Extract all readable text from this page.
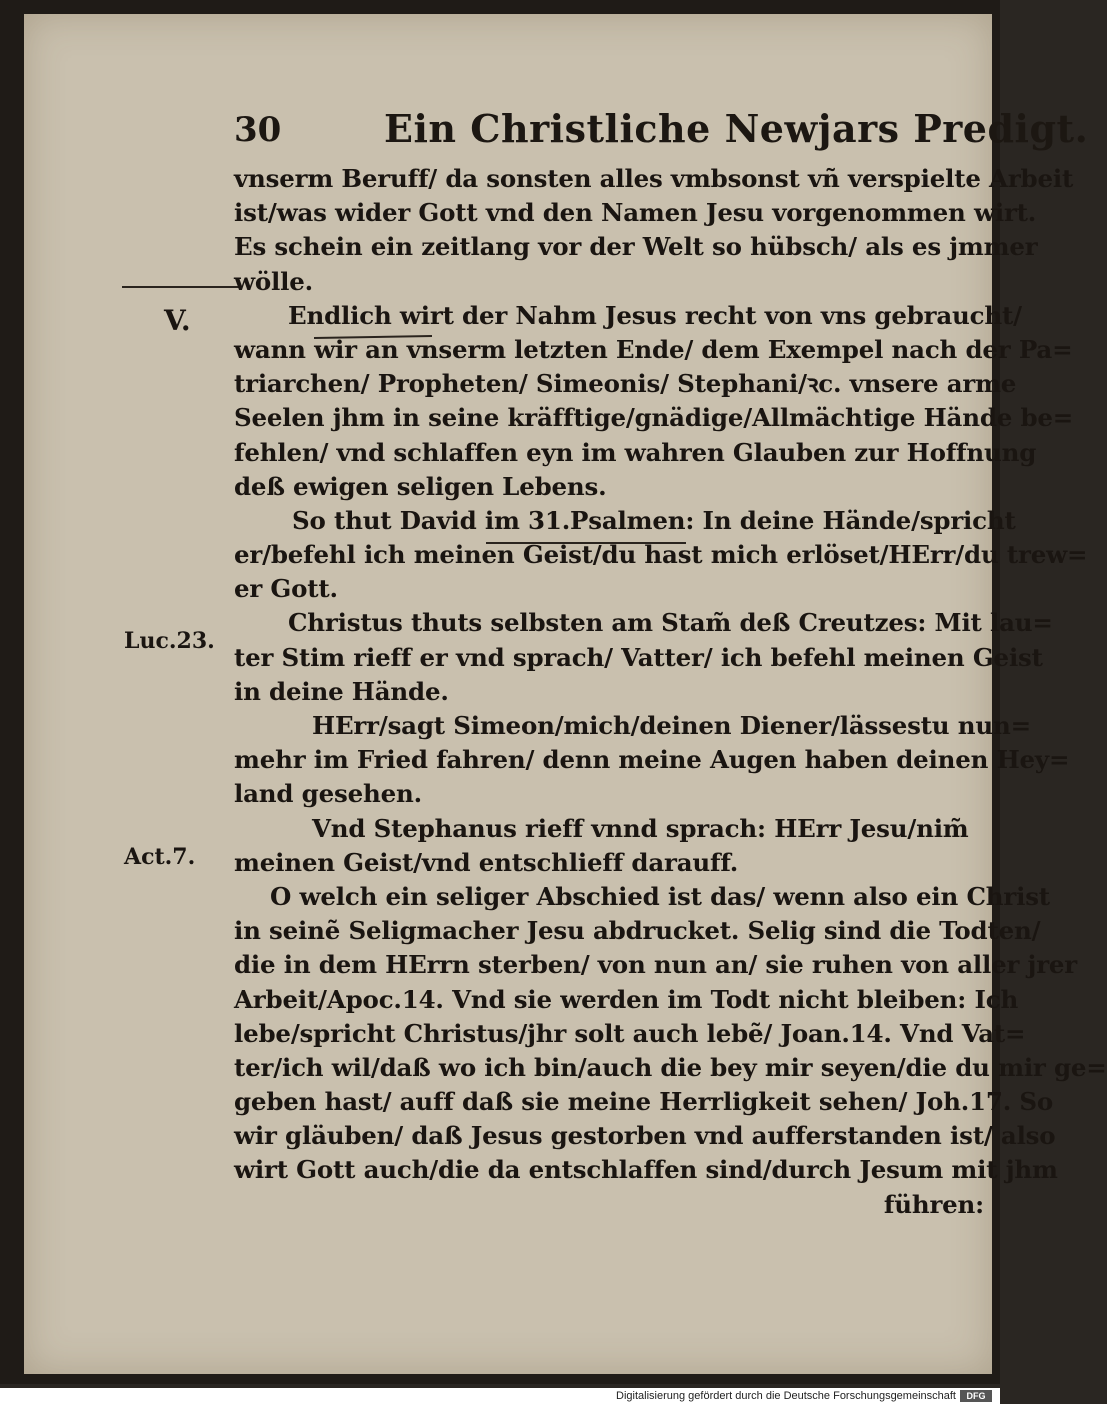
30	Ein Christliche Newjars Predigt.
V.
Luc.23.
Act.7.
vnserm Beruff/ da sonsten alles vmbsonst vñ verspielte Arbeit
ist/was wider Gott vnd den Namen Jesu vorgenommen wirt.
Es schein ein zeitlang vor der Welt so hübsch/ als es jmmer
wölle.
Endlich wirt der Nahm Jesus recht von vns gebraucht/
wann wir an vnserm letzten Ende/ dem Exempel nach der Pa=
triarchen/ Propheten/ Simeonis/ Stephani/ꝛc. vnsere arme
Seelen jhm in seine kräfftige/gnädige/Allmächtige Hände be=
fehlen/ vnd schlaffen eyn im wahren Glauben zur Hoffnung
deß ewigen seligen Lebens.
So thut David im 31.Psalmen: In deine Hände/spricht
er/befehl ich meinen Geist/du hast mich erlöset/HErr/du trew=
er Gott.
Christus thuts selbsten am Stam̃ deß Creutzes: Mit lau=
ter Stim rieff er vnd sprach/ Vatter/ ich befehl meinen Geist
in deine Hände.
HErr/sagt Simeon/mich/deinen Diener/lässestu nun=
mehr im Fried fahren/ denn meine Augen haben deinen Hey=
land gesehen.
Vnd Stephanus rieff vnnd sprach: HErr Jesu/nim̃
meinen Geist/vnd entschlieff darauff.
O welch ein seliger Abschied ist das/ wenn also ein Christ
in seinẽ Seligmacher Jesu abdrucket. Selig sind die Todten/
die in dem HErrn sterben/ von nun an/ sie ruhen von aller jrer
Arbeit/Apoc.14. Vnd sie werden im Todt nicht bleiben: Ich
lebe/spricht Christus/jhr solt auch lebẽ/ Joan.14. Vnd Vat=
ter/ich wil/daß wo ich bin/auch die bey mir seyen/die du mir ge=
geben hast/ auff daß sie meine Herrligkeit sehen/ Joh.17. So
wir gläuben/ daß Jesus gestorben vnd aufferstanden ist/ also
wirt Gott auch/die da entschlaffen sind/durch Jesum mit jhm
führen:
Digitalisierung gefördert durch die Deutsche Forschungsgemeinschaft	DFG
